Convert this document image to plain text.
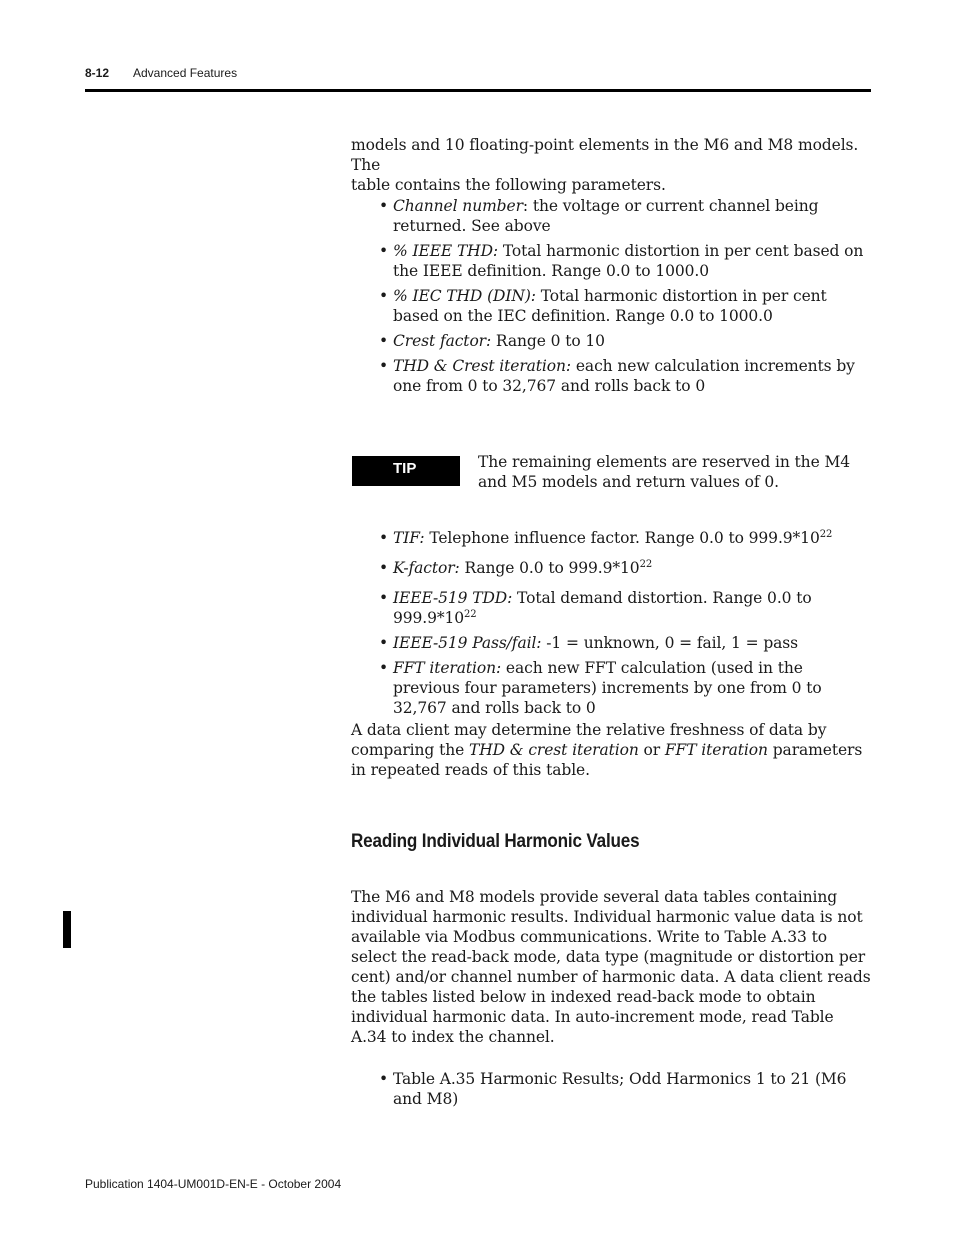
8-12 Advanced Features

models and 10 floating-point elements in the M6 and M8 models. The
table contains the following parameters.

• Channel number: the voltage or current channel being returned. See above
• % IEEE THD: Total harmonic distortion in per cent based on the IEEE definition. Range 0.0 to 1000.0
• % IEC THD (DIN): Total harmonic distortion in per cent based on the IEC definition. Range 0.0 to 1000.0
• Crest factor: Range 0 to 10
• THD & Crest iteration: each new calculation increments by one from 0 to 32,767 and rolls back to 0
TIP	The remaining elements are reserved in the M4 and M5 models and return values of 0.

• TIF: Telephone influence factor. Range 0.0 to $999.9*10^{22}$
• K-factor: Range 0.0 to $999.9*10^{22}$
• IEEE-519 TDD: Total demand distortion. Range 0.0 to $999.9*10^{22}$
• IEEE-519 Pass/fail: -1 = unknown, 0 = fail, 1 = pass
• FFT iteration: each new FFT calculation (used in the previous four parameters) increments by one from 0 to 32,767 and rolls back to 0

A data client may determine the relative freshness of data by comparing the THD & crest iteration or FFT iteration parameters in repeated reads of this table.

Reading Individual Harmonic Values

The M6 and M8 models provide several data tables containing individual harmonic results. Individual harmonic value data is not available via Modbus communications. Write to Table A.33 to select the read-back mode, data type (magnitude or distortion per cent) and/or channel number of harmonic data. A data client reads the tables listed below in indexed read-back mode to obtain individual harmonic data. In auto-increment mode, read Table A.34 to index the channel.

• Table A.35 Harmonic Results; Odd Harmonics 1 to 21 (M6 and M8)
Publication 1404-UM001D-EN-E - October 2004
